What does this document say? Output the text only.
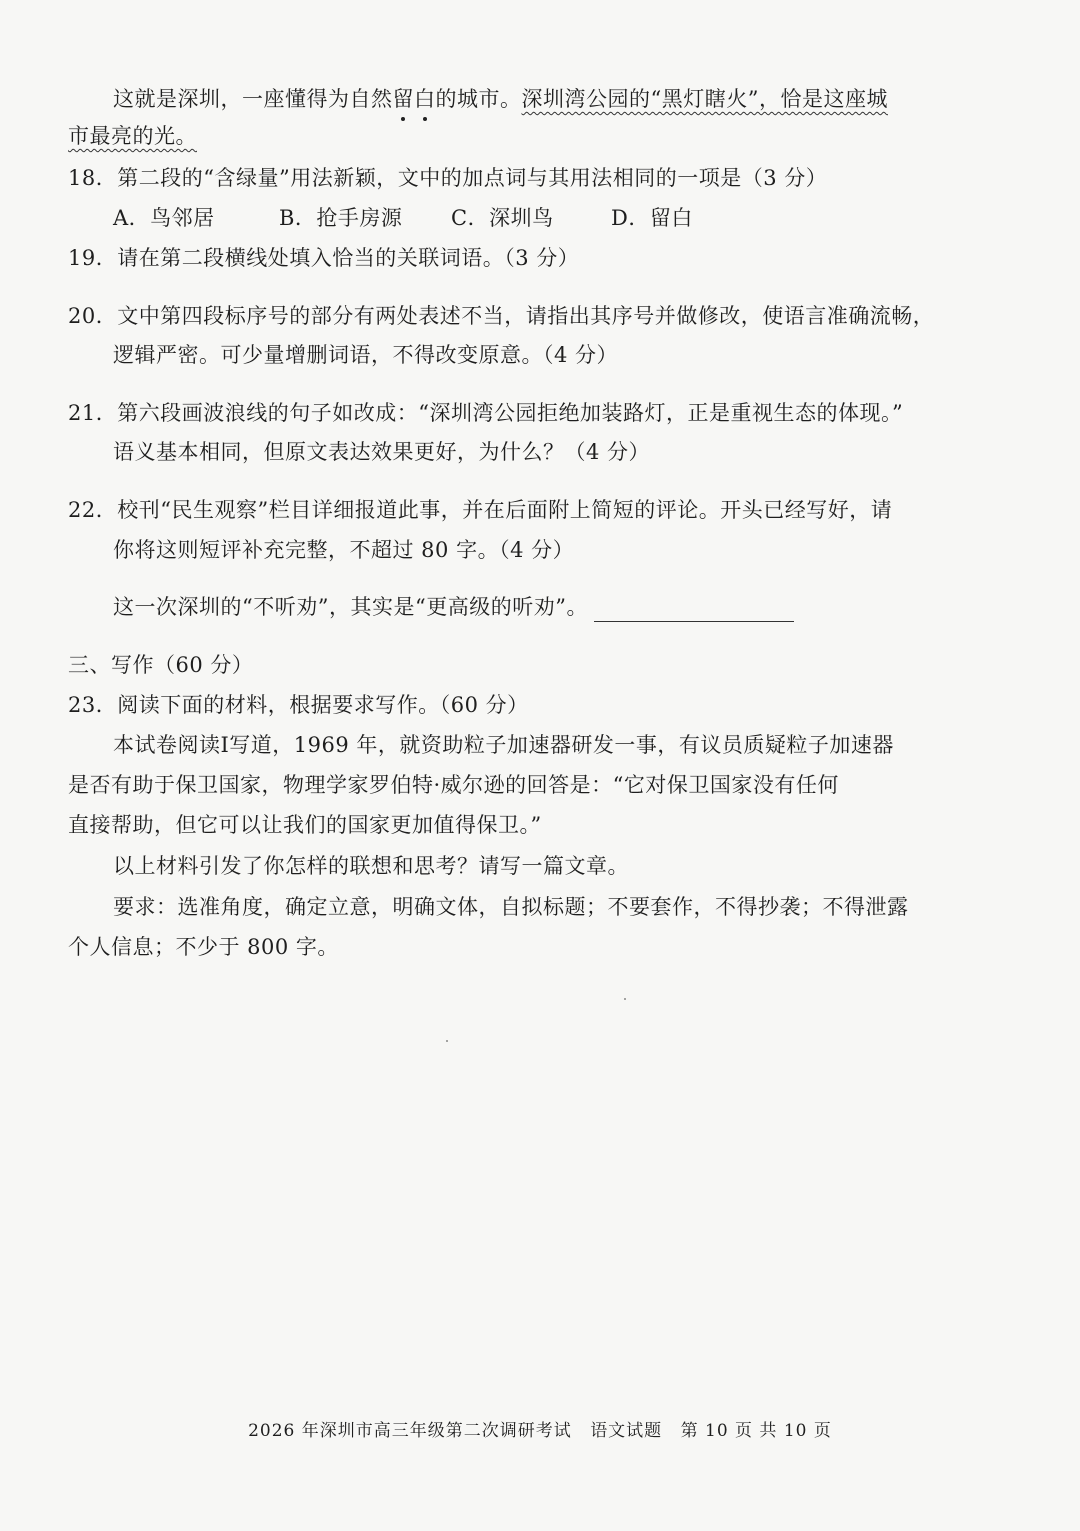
这就是深圳，一座懂得为自然留白的城市。深圳湾公园的“黑灯瞎火”，恰是这座城
市最亮的光。
18．第二段的“含绿量”用法新颖，文中的加点词与其用法相同的一项是（3 分）
A．鸟邻居	B．抢手房源 C．深圳鸟	D．留白
19．请在第二段横线处填入恰当的关联词语。（3 分）
20．文中第四段标序号的部分有两处表述不当，请指出其序号并做修改，使语言准确流畅，
逻辑严密。可少量增删词语，不得改变原意。（4 分）
21．第六段画波浪线的句子如改成：“深圳湾公园拒绝加装路灯，正是重视生态的体现。”
语义基本相同，但原文表达效果更好，为什么？（4 分）
22．校刊“民生观察”栏目详细报道此事，并在后面附上简短的评论。开头已经写好，请
你将这则短评补充完整，不超过 80 字。（4 分）
这一次深圳的“不听劝”，其实是“更高级的听劝”。
三、写作（60 分）
23．阅读下面的材料，根据要求写作。（60 分）
本试卷阅读Ⅰ写道，1969 年，就资助粒子加速器研发一事，有议员质疑粒子加速器
是否有助于保卫国家，物理学家罗伯特·威尔逊的回答是：“它对保卫国家没有任何
直接帮助，但它可以让我们的国家更加值得保卫。”
以上材料引发了你怎样的联想和思考？请写一篇文章。
要求：选准角度，确定立意，明确文体，自拟标题；不要套作，不得抄袭；不得泄露
个人信息；不少于 800 字。
2026 年深圳市高三年级第二次调研考试 语文试题 第 10 页 共 10 页
